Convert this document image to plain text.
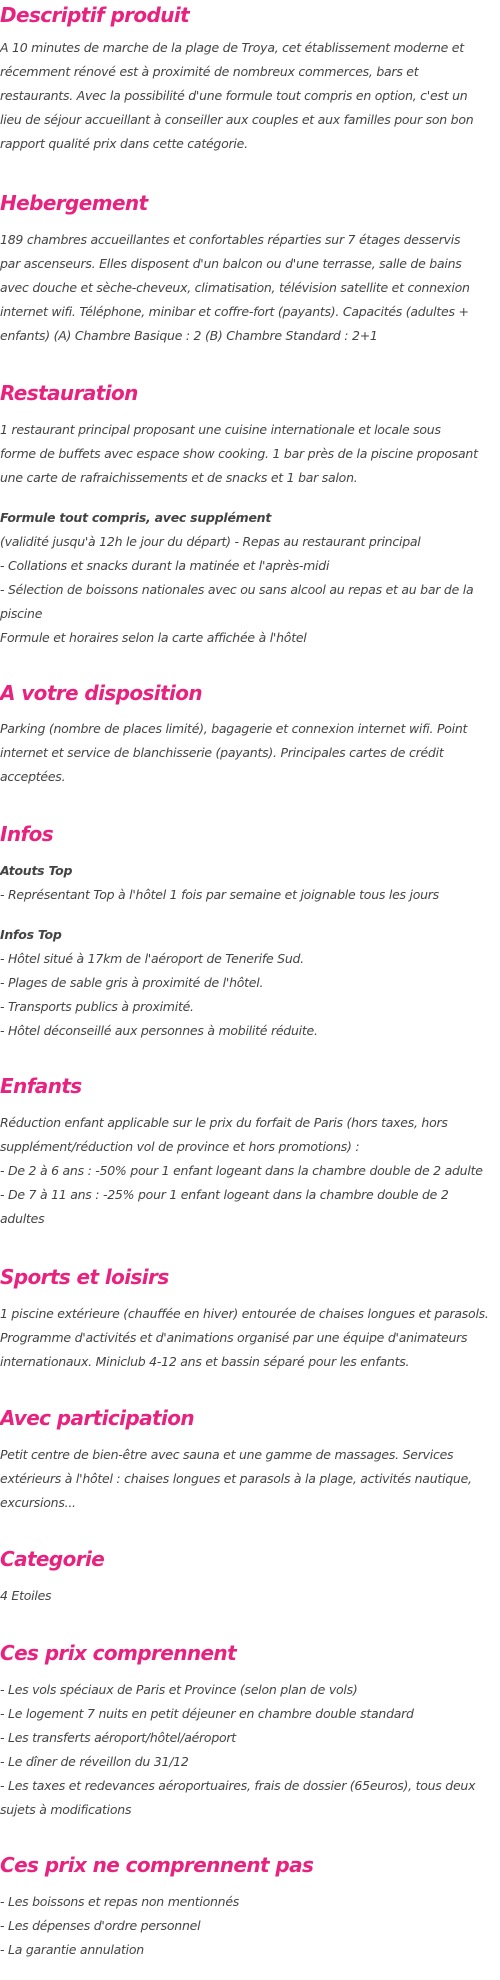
Descriptif produit

A 10 minutes de marche de la plage de Troya, cet établissement moderne et

récemment rénové est à proximité de nombreux commerces, bars et

restaurants. Avec la possibilité d'une formule tout compris en option, c'est un

lieu de séjour accueillant à conseiller aux couples et aux familles pour son bon

rapport qualité prix dans cette catégorie.

Hebergement

189 chambres accueillantes et confortables réparties sur 7 étages desservis

par ascenseurs. Elles disposent d'un balcon ou d'une terrasse, salle de bains

avec douche et sèche-cheveux, climatisation, télévision satellite et connexion

internet wifi. Téléphone, minibar et coffre-fort (payants). Capacités (adultes +

enfants) (A) Chambre Basique : 2 (B) Chambre Standard : 2+1

Restauration

1 restaurant principal proposant une cuisine internationale et locale sous

forme de buffets avec espace show cooking. 1 bar près de la piscine proposant

une carte de rafraichissements et de snacks et 1 bar salon.

Formule tout compris, avec supplément

(validité jusqu'à 12h le jour du départ) - Repas au restaurant principal

- Collations et snacks durant la matinée et l'après-midi

- Sélection de boissons nationales avec ou sans alcool au repas et au bar de la

piscine

Formule et horaires selon la carte affichée à l'hôtel

A votre disposition

Parking (nombre de places limité), bagagerie et connexion internet wifi. Point

internet et service de blanchisserie (payants). Principales cartes de crédit

acceptées.

Infos

Atouts Top

- Représentant Top à l'hôtel 1 fois par semaine et joignable tous les jours

Infos Top

- Hôtel situé à 17km de l'aéroport de Tenerife Sud.

- Plages de sable gris à proximité de l'hôtel.

- Transports publics à proximité.

- Hôtel déconseillé aux personnes à mobilité réduite.

Enfants

Réduction enfant applicable sur le prix du forfait de Paris (hors taxes, hors

supplément/réduction vol de province et hors promotions) :

- De 2 à 6 ans : -50% pour 1 enfant logeant dans la chambre double de 2 adulte

- De 7 à 11 ans : -25% pour 1 enfant logeant dans la chambre double de 2

adultes

Sports et loisirs

1 piscine extérieure (chauffée en hiver) entourée de chaises longues et parasols.

Programme d'activités et d'animations organisé par une équipe d'animateurs

internationaux. Miniclub 4-12 ans et bassin séparé pour les enfants.

Avec participation

Petit centre de bien-être avec sauna et une gamme de massages. Services

extérieurs à l'hôtel : chaises longues et parasols à la plage, activités nautique,

excursions...

Categorie

4 Etoiles

Ces prix comprennent

- Les vols spéciaux de Paris et Province (selon plan de vols)

- Le logement 7 nuits en petit déjeuner en chambre double standard

- Les transferts aéroport/hôtel/aéroport

- Le dîner de réveillon du 31/12

- Les taxes et redevances aéroportuaires, frais de dossier (65euros), tous deux

sujets à modifications

Ces prix ne comprennent pas

- Les boissons et repas non mentionnés

- Les dépenses d'ordre personnel

- La garantie annulation
